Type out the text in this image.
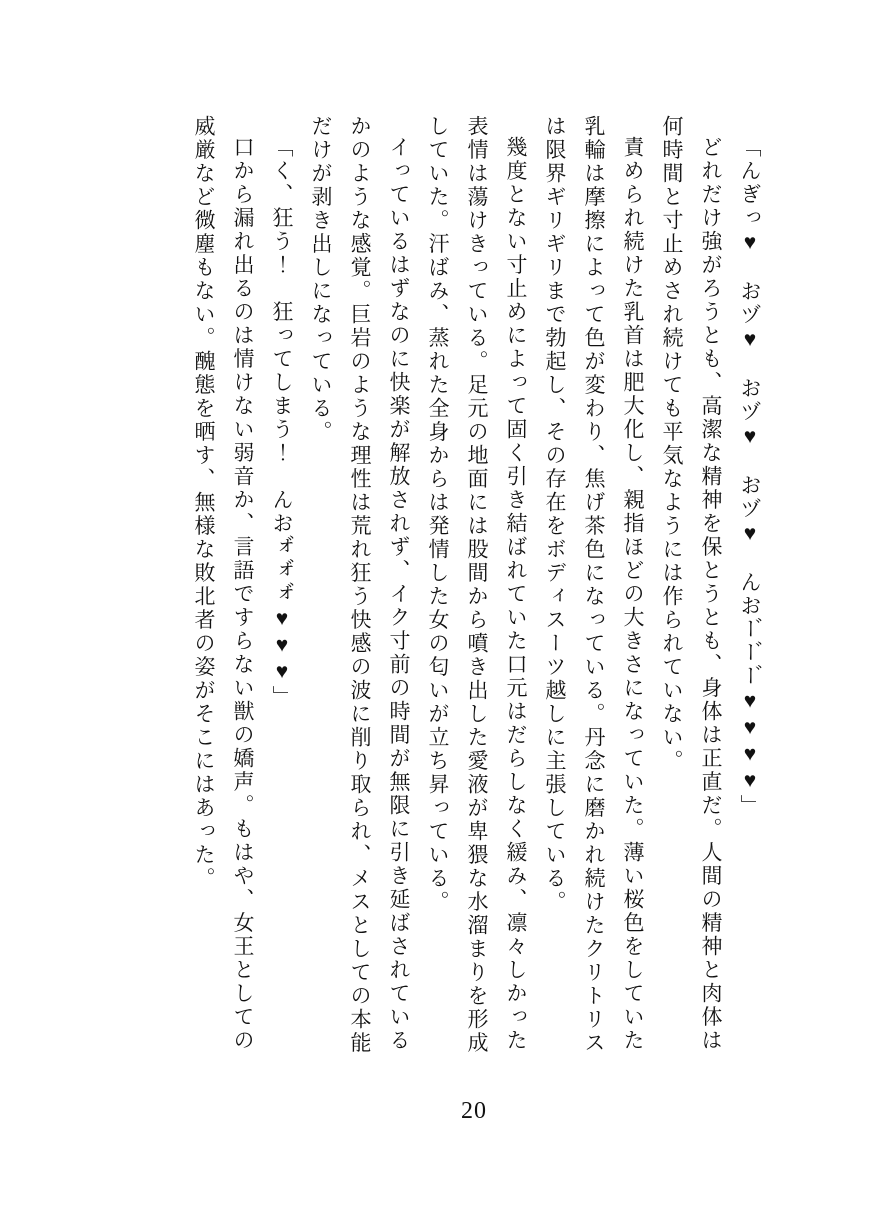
「んぎっ♥　おヅ♥　おヅ♥　おヅ♥　んおー゙ー゙ー゙♥♥♥♥」

どれだけ強がろうとも、高潔な精神を保とうとも、身体は正直だ。人間の精神と肉体は何時間と寸止めされ続けても平気なようには作られていない。

責められ続けた乳首は肥大化し、親指ほどの大きさになっていた。薄い桜色をしていた乳輪は摩擦によって色が変わり、焦げ茶色になっている。丹念に磨かれ続けたクリトリスは限界ギリギリまで勃起し、その存在をボディスーツ越しに主張している。

幾度とない寸止めによって固く引き結ばれていた口元はだらしなく緩み、凛々しかった表情は蕩けきっている。足元の地面には股間から噴き出した愛液が卑猥な水溜まりを形成していた。汗ばみ、蒸れた全身からは発情した女の匂いが立ち昇っている。

イっているはずなのに快楽が解放されず、イク寸前の時間が無限に引き延ばされているかのような感覚。巨岩のような理性は荒れ狂う快感の波に削り取られ、メスとしての本能だけが剥き出しになっている。

「く、狂う！　狂ってしまう！　んおォ゙ォ゙ォ゙♥♥♥」

口から漏れ出るのは情けない弱音か、言語ですらない獣の嬌声。もはや、女王としての威厳など微塵もない。醜態を晒す、無様な敗北者の姿がそこにはあった。

20
